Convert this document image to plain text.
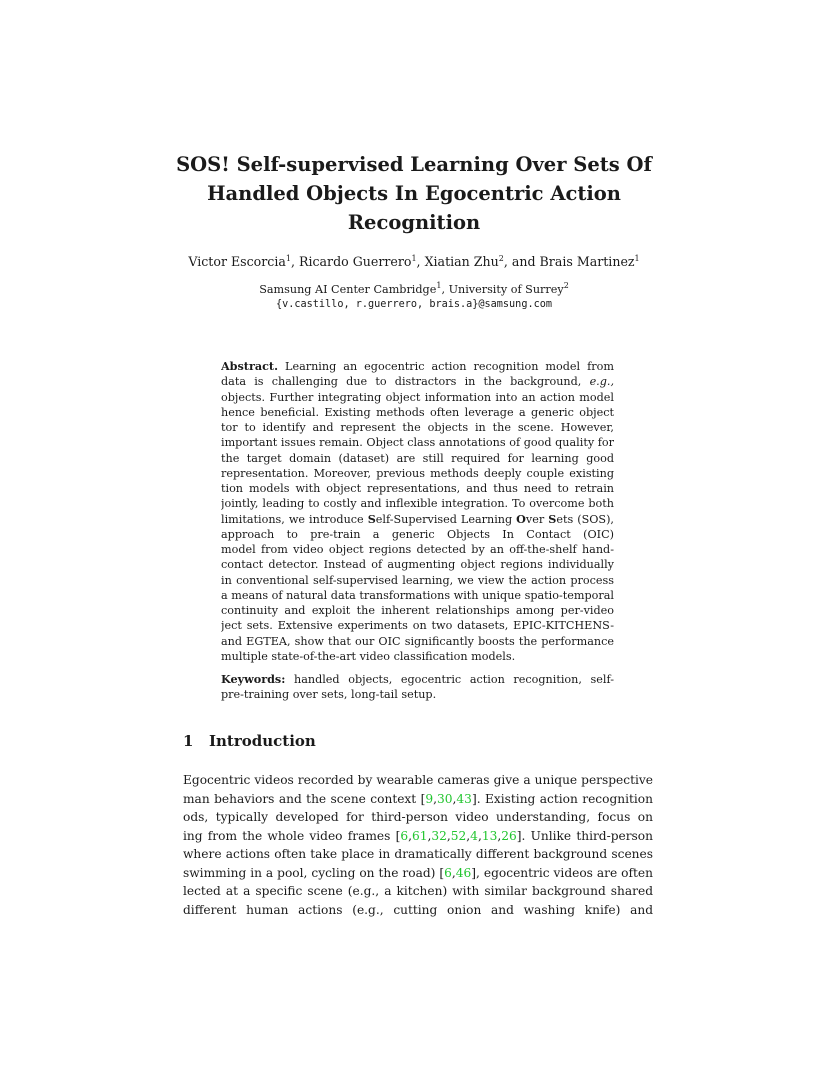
SOS! Self-supervised Learning Over Sets Of
Handled Objects In Egocentric Action
Recognition
Victor Escorcia$^1$, Ricardo Guerrero$^1$, Xiatian Zhu$^2$, and Brais Martinez$^1$
Samsung AI Center Cambridge$^1$, University of Surrey$^2$
{v.castillo, r.guerrero, brais.a}@samsung.com
Abstract. Learning an egocentric action recognition model from
data is challenging due to distractors in the background, e.g.,
objects. Further integrating object information into an action model
hence beneficial. Existing methods often leverage a generic object
tor to identify and represent the objects in the scene. However,
important issues remain. Object class annotations of good quality for
the target domain (dataset) are still required for learning good
representation. Moreover, previous methods deeply couple existing
tion models with object representations, and thus need to retrain
jointly, leading to costly and inflexible integration. To overcome both
limitations, we introduce Self-Supervised Learning Over Sets (SOS),
approach to pre-train a generic Objects In Contact (OIC)
model from video object regions detected by an off-the-shelf hand-
contact detector. Instead of augmenting object regions individually
in conventional self-supervised learning, we view the action process
a means of natural data transformations with unique spatio-temporal
continuity and exploit the inherent relationships among per-video
ject sets. Extensive experiments on two datasets, EPIC-KITCHENS-
and EGTEA, show that our OIC significantly boosts the performance
multiple state-of-the-art video classification models.
Keywords: handled objects, egocentric action recognition, self-
pre-training over sets, long-tail setup.
1 Introduction
Egocentric videos recorded by wearable cameras give a unique perspective
man behaviors and the scene context [9,30,43]. Existing action recognition
ods, typically developed for third-person video understanding, focus on
ing from the whole video frames [6,61,32,52,4,13,26]. Unlike third-person
where actions often take place in dramatically different background scenes
swimming in a pool, cycling on the road) [6,46], egocentric videos are often
lected at a specific scene (e.g., a kitchen) with similar background shared
different human actions (e.g., cutting onion and washing knife) and
